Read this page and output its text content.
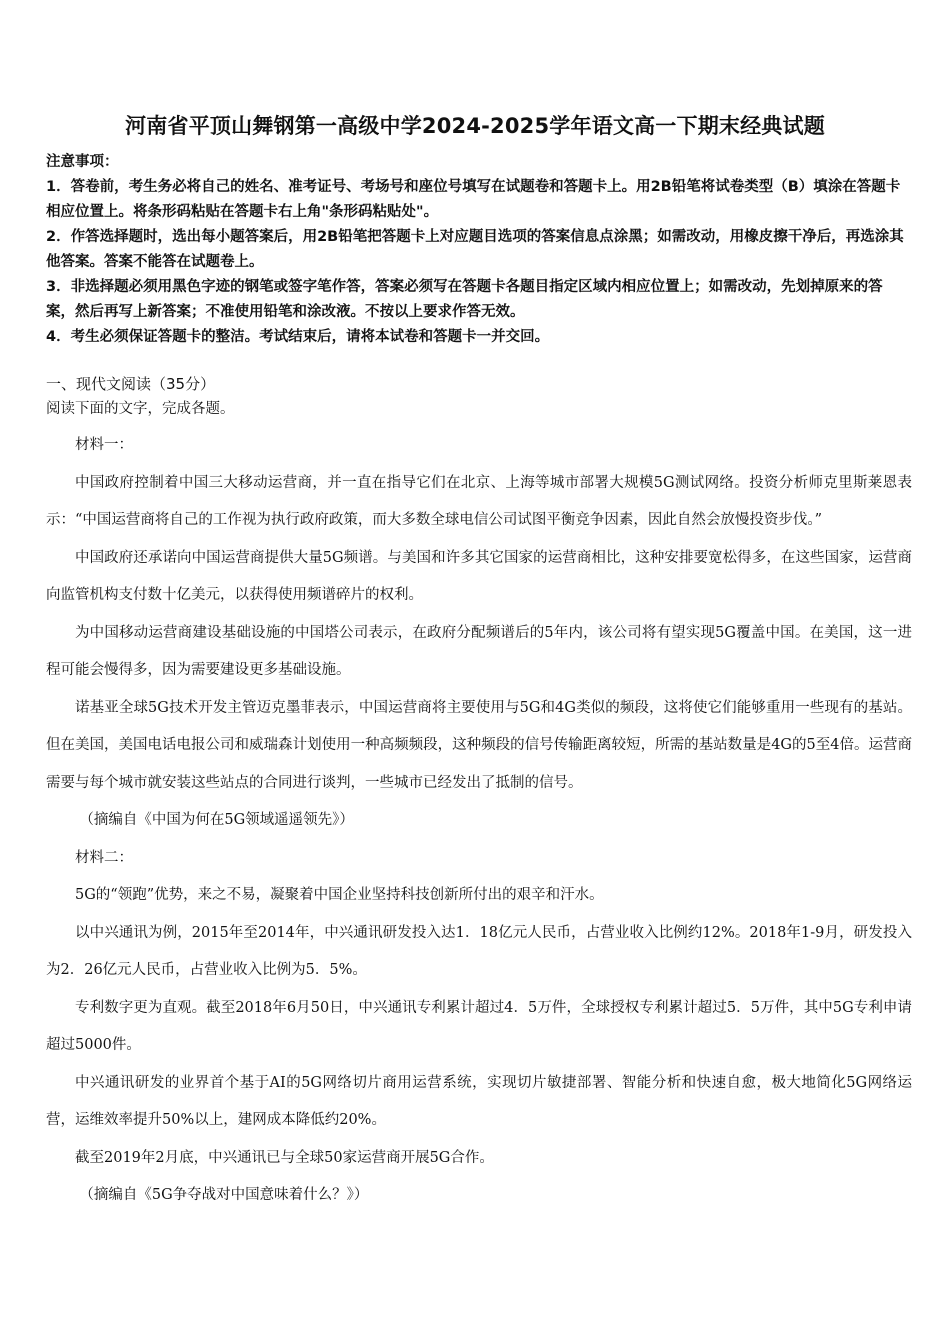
河南省平顶山舞钢第一高级中学2024-2025学年语文高一下期末经典试题

注意事项：

1．答卷前，考生务必将自己的姓名、准考证号、考场号和座位号填写在试题卷和答题卡上。用2B铅笔将试卷类型（B）填涂在答题卡相应位置上。将条形码粘贴在答题卡右上角"条形码粘贴处"。

2．作答选择题时，选出每小题答案后，用2B铅笔把答题卡上对应题目选项的答案信息点涂黑；如需改动，用橡皮擦干净后，再选涂其他答案。答案不能答在试题卷上。

3．非选择题必须用黑色字迹的钢笔或签字笔作答，答案必须写在答题卡各题目指定区域内相应位置上；如需改动，先划掉原来的答案，然后再写上新答案；不准使用铅笔和涂改液。不按以上要求作答无效。

4．考生必须保证答题卡的整洁。考试结束后，请将本试卷和答题卡一并交回。

一、现代文阅读（35分）

阅读下面的文字，完成各题。

材料一：

中国政府控制着中国三大移动运营商，并一直在指导它们在北京、上海等城市部署大规模5G测试网络。投资分析师克里斯莱恩表示：“中国运营商将自己的工作视为执行政府政策，而大多数全球电信公司试图平衡竞争因素，因此自然会放慢投资步伐。”

中国政府还承诺向中国运营商提供大量5G频谱。与美国和许多其它国家的运营商相比，这种安排要宽松得多，在这些国家，运营商向监管机构支付数十亿美元，以获得使用频谱碎片的权利。

为中国移动运营商建设基础设施的中国塔公司表示，在政府分配频谱后的5年内，该公司将有望实现5G覆盖中国。在美国，这一进程可能会慢得多，因为需要建设更多基础设施。

诺基亚全球5G技术开发主管迈克墨菲表示，中国运营商将主要使用与5G和4G类似的频段，这将使它们能够重用一些现有的基站。但在美国，美国电话电报公司和威瑞森计划使用一种高频频段，这种频段的信号传输距离较短，所需的基站数量是4G的5至4倍。运营商需要与每个城市就安装这些站点的合同进行谈判，一些城市已经发出了抵制的信号。

（摘编自《中国为何在5G领域遥遥领先》）

材料二：

5G的“领跑”优势，来之不易，凝聚着中国企业坚持科技创新所付出的艰辛和汗水。

以中兴通讯为例，2015年至2014年，中兴通讯研发投入达1．18亿元人民币，占营业收入比例约12%。2018年1-9月，研发投入为2．26亿元人民币，占营业收入比例为5．5%。

专利数字更为直观。截至2018年6月50日，中兴通讯专利累计超过4．5万件，全球授权专利累计超过5．5万件，其中5G专利申请超过5000件。

中兴通讯研发的业界首个基于AI的5G网络切片商用运营系统，实现切片敏捷部署、智能分析和快速自愈，极大地简化5G网络运营，运维效率提升50%以上，建网成本降低约20%。

截至2019年2月底，中兴通讯已与全球50家运营商开展5G合作。

（摘编自《5G争夺战对中国意味着什么？》）
